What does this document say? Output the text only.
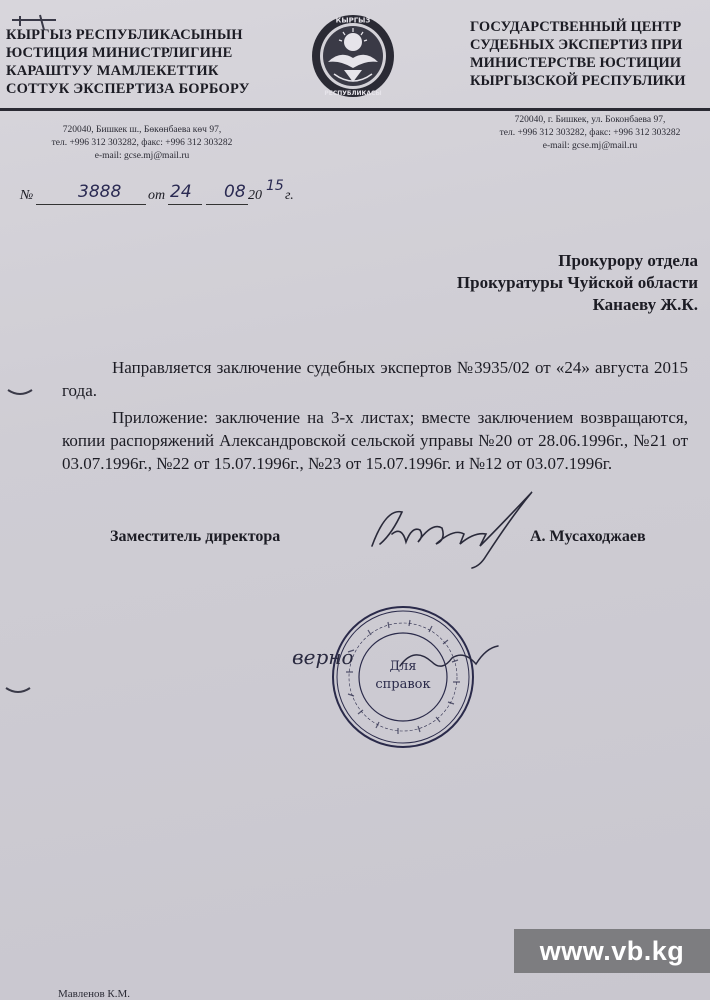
КЫРГЫЗ РЕСПУБЛИКАСЫНЫН
ЮСТИЦИЯ МИНИСТРЛИГИНЕ
КАРАШТУУ МАМЛЕКЕТТИК
СОТТУК ЭКСПЕРТИЗА БОРБОРУ
КЫРГЫЗ
РЕСПУБЛИКАСЫ
ГОСУДАРСТВЕННЫЙ ЦЕНТР
СУДЕБНЫХ ЭКСПЕРТИЗ ПРИ
МИНИСТЕРСТВЕ ЮСТИЦИИ
КЫРГЫЗСКОЙ РЕСПУБЛИКИ
720040, Бишкек ш., Бөкөнбаева көч 97,
тел. +996 312 303282, факс: +996 312 303282
e-mail: gcse.mj@mail.ru
720040, г. Бишкек, ул. Боконбаева 97,
тел. +996 312 303282, факс: +996 312 303282
e-mail: gcse.mj@mail.ru
№	3888 от 24 08 20
15
г.
Прокурору отдела
Прокуратуры Чуйской области
Канаеву Ж.К.

Направляется заключение судебных экспертов №3935/02 от «24» августа 2015 года.

Приложение: заключение на 3-х листах; вместе заключением возвращаются, копии распоряжений Александровской сельской управы №20 от 28.06.1996г., №21 от 03.07.1996г., №22 от 15.07.1996г., №23 от 15.07.1996г. и №12 от 03.07.1996г.

Заместитель директора	А. Мусаходжаев
Для
справок
верно
www.vb.kg
Мавленов К.М.
